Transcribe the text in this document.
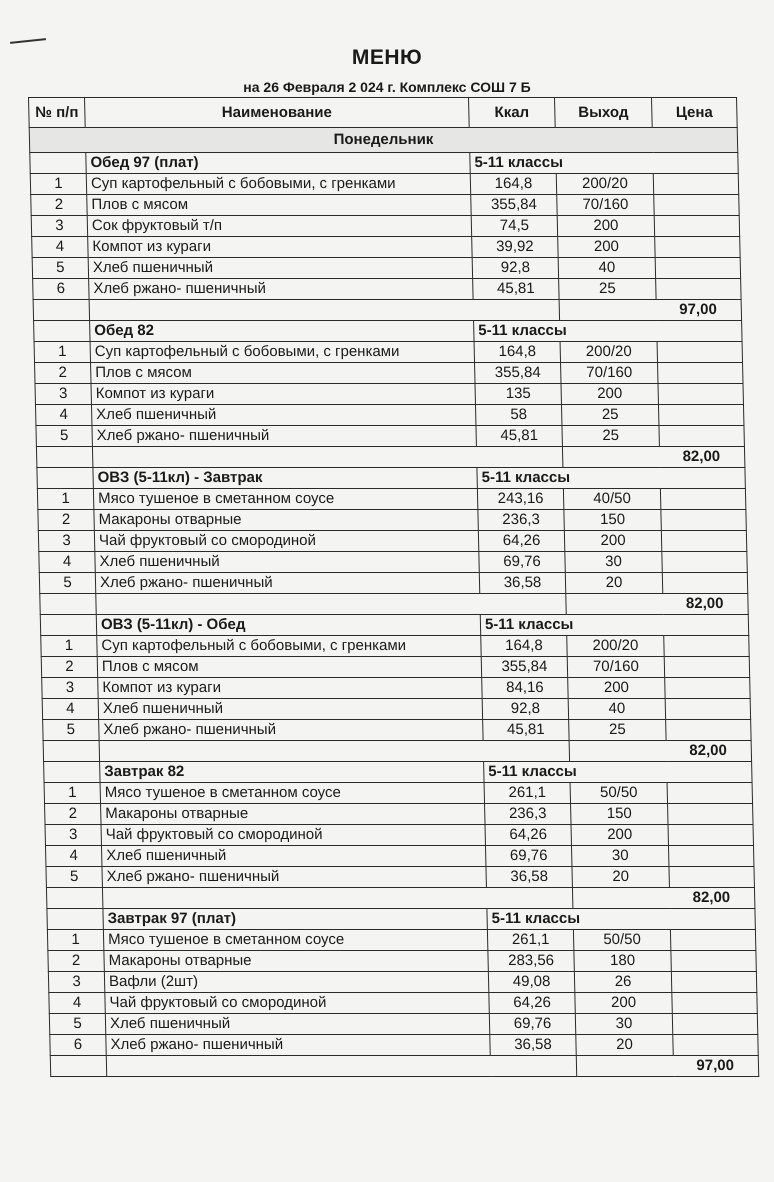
МЕНЮ
на 26 Февраля 2 024 г. Комплекс СОШ 7 Б
№ п/п	Наименование	Ккал	Выход	Цена
Понедельник				
	Обед 97 (плат)	5-11 классы		
1	Суп картофельный с бобовыми, с гренками	164,8	200/20	
2	Плов с мясом	355,84	70/160	
3	Сок фруктовый т/п	74,5	200	
4	Компот из кураги	39,92	200	
5	Хлеб пшеничный	92,8	40	
6	Хлеб ржано- пшеничный	45,81	25	
			97,00	
	Обед 82	5-11 классы		
1	Суп картофельный с бобовыми, с гренками	164,8	200/20	
2	Плов с мясом	355,84	70/160	
3	Компот из кураги	135	200	
4	Хлеб пшеничный	58	25	
5	Хлеб ржано- пшеничный	45,81	25	
			82,00	
	ОВЗ (5-11кл) - Завтрак	5-11 классы		
1	Мясо тушеное в сметанном соусе	243,16	40/50	
2	Макароны отварные	236,3	150	
3	Чай фруктовый со смородиной	64,26	200	
4	Хлеб пшеничный	69,76	30	
5	Хлеб ржано- пшеничный	36,58	20	
			82,00	
	ОВЗ (5-11кл) - Обед	5-11 классы		
1	Суп картофельный с бобовыми, с гренками	164,8	200/20	
2	Плов с мясом	355,84	70/160	
3	Компот из кураги	84,16	200	
4	Хлеб пшеничный	92,8	40	
5	Хлеб ржано- пшеничный	45,81	25	
			82,00	
	Завтрак 82	5-11 классы		
1	Мясо тушеное в сметанном соусе	261,1	50/50	
2	Макароны отварные	236,3	150	
3	Чай фруктовый со смородиной	64,26	200	
4	Хлеб пшеничный	69,76	30	
5	Хлеб ржано- пшеничный	36,58	20	
			82,00	
	Завтрак 97 (плат)	5-11 классы		
1	Мясо тушеное в сметанном соусе	261,1	50/50	
2	Макароны отварные	283,56	180	
3	Вафли (2шт)	49,08	26	
4	Чай фруктовый со смородиной	64,26	200	
5	Хлеб пшеничный	69,76	30	
6	Хлеб ржано- пшеничный	36,58	20	
			97,00	
